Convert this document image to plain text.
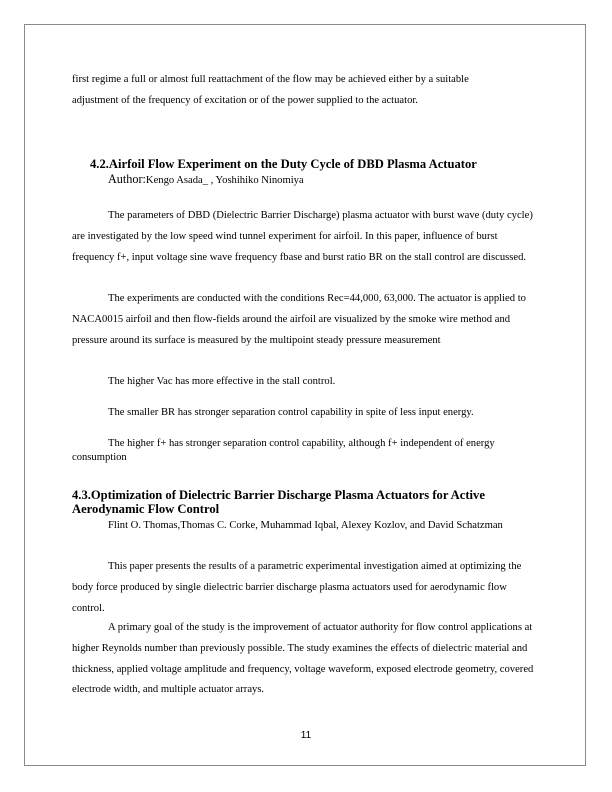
first regime a full or almost full reattachment of the flow may be achieved either by a suitable

adjustment of the frequency of excitation or of the power supplied to the actuator.

4.2.Airfoil Flow Experiment on the Duty Cycle of DBD Plasma Actuator
Author:Kengo Asada_ , Yoshihiko Ninomiya

The parameters of DBD (Dielectric Barrier Discharge) plasma actuator with burst wave (duty cycle) are investigated by the low speed wind tunnel experiment for airfoil. In this paper, influence of burst frequency f+, input voltage sine wave frequency fbase and burst ratio BR on the stall control are discussed.

The experiments are conducted with the conditions Rec=44,000, 63,000. The actuator is applied to NACA0015 airfoil and then flow-fields around the airfoil are visualized by the smoke wire method and pressure around its surface is measured by the multipoint steady pressure measurement

The higher Vac has more effective in the stall control.

The smaller BR has stronger separation control capability in spite of less input energy.

The higher f+ has stronger separation control capability, although f+ independent of energy consumption

4.3.Optimization of Dielectric Barrier Discharge Plasma Actuators for Active
Aerodynamic Flow Control
Flint O. Thomas,Thomas C. Corke, Muhammad Iqbal, Alexey Kozlov, and David Schatzman

This paper presents the results of a parametric experimental investigation aimed at optimizing the body force produced by single dielectric barrier discharge plasma actuators used for aerodynamic flow control.

A primary goal of the study is the improvement of actuator authority for flow control applications at higher Reynolds number than previously possible. The study examines the effects of dielectric material and thickness, applied voltage amplitude and frequency, voltage waveform, exposed electrode geometry, covered electrode width, and multiple actuator arrays.

11
